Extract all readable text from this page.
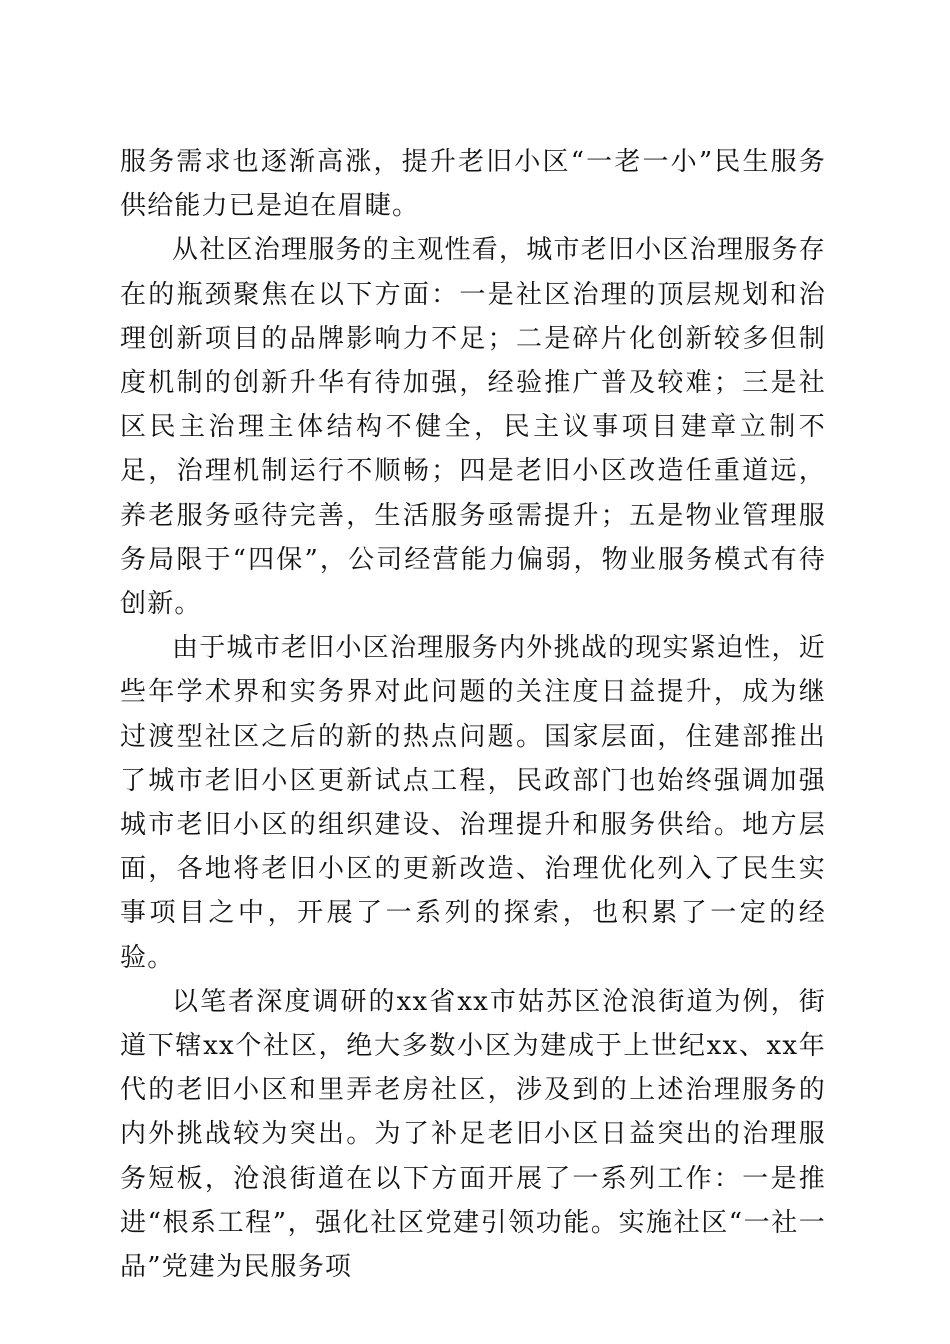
服务需求也逐渐高涨，提升老旧小区“一老一小”民生服务供给能力已是迫在眉睫。

从社区治理服务的主观性看，城市老旧小区治理服务存在的瓶颈聚焦在以下方面：一是社区治理的顶层规划和治理创新项目的品牌影响力不足；二是碎片化创新较多但制度机制的创新升华有待加强，经验推广普及较难；三是社区民主治理主体结构不健全，民主议事项目建章立制不足，治理机制运行不顺畅；四是老旧小区改造任重道远，养老服务亟待完善，生活服务亟需提升；五是物业管理服务局限于“四保”，公司经营能力偏弱，物业服务模式有待创新。

由于城市老旧小区治理服务内外挑战的现实紧迫性，近些年学术界和实务界对此问题的关注度日益提升，成为继过渡型社区之后的新的热点问题。国家层面，住建部推出了城市老旧小区更新试点工程，民政部门也始终强调加强城市老旧小区的组织建设、治理提升和服务供给。地方层面，各地将老旧小区的更新改造、治理优化列入了民生实事项目之中，开展了一系列的探索，也积累了一定的经验。

以笔者深度调研的xx省xx市姑苏区沧浪街道为例，街道下辖xx个社区，绝大多数小区为建成于上世纪xx、xx年代的老旧小区和里弄老房社区，涉及到的上述治理服务的内外挑战较为突出。为了补足老旧小区日益突出的治理服务短板，沧浪街道在以下方面开展了一系列工作：一是推进“根系工程”，强化社区党建引领功能。实施社区“一社一品”党建为民服务项
